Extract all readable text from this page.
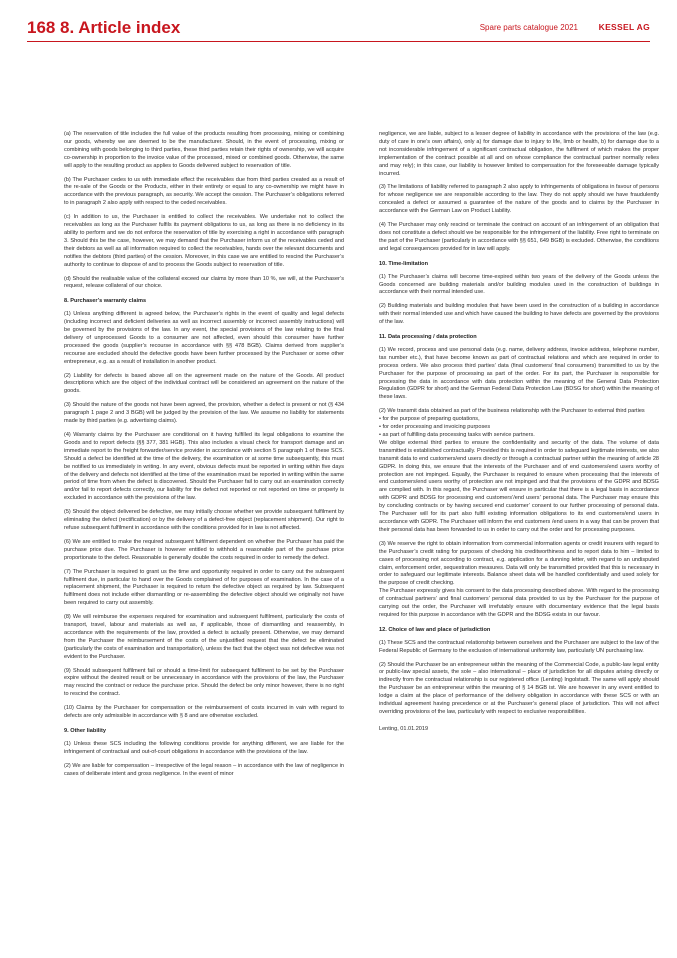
168 8. Article index	Spare parts catalogue 2021 KESSEL AG

(a) The reservation of title includes the full value of the products resulting from processing, mixing or combining our goods, whereby we are deemed to be the manufacturer. Should, in the event of processing, mixing or combining with goods belonging to third parties, these third parties retain their rights of ownership, we will acquire co-ownership in proportion to the invoice value of the processed, mixed or combined goods. Otherwise, the same will apply to the resulting product as applies to Goods delivered subject to reservation of title.

(b) The Purchaser cedes to us with immediate effect the receivables due from third parties created as a result of the re-sale of the Goods or the Products, either in their entirety or equal to any co-ownership we might have in accordance with the previous paragraph, as security. We accept the cession. The Purchaser’s obligations referred to in paragraph 2 also apply with respect to the ceded receivables.

(c) In addition to us, the Purchaser is entitled to collect the receivables. We undertake not to collect the receivables as long as the Purchaser fulfils its payment obligations to us, as long as there is no deficiency in its ability to perform and we do not enforce the reservation of title by exercising a right in accordance with paragraph 3. Should this be the case, however, we may demand that the Purchaser inform us of the receivables ceded and their debtors as well as all information required to collect the receivables, hands over the relevant documents and notifies the debtors (third parties) of the cession. Moreover, in this case we are entitled to rescind the Purchaser’s authority to continue to dispose of and to process the Goods subject to reservation of title.

(d) Should the realisable value of the collateral exceed our claims by more than 10 %, we will, at the Purchaser’s request, release collateral of our choice.

8. Purchaser’s warranty claims

(1) Unless anything different is agreed below, the Purchaser’s rights in the event of quality and legal defects (including incorrect and deficient deliveries as well as incorrect assembly or incorrect assembly instructions) will be governed by the provisions of the law. In any event, the special provisions of the law relating to the final delivery of unprocessed Goods to a consumer are not affected, even should this consumer have further processed the goods (supplier’s recourse in accordance with §§ 478 BGB). Claims derived from supplier’s recourse are excluded should the defective goods have been further processed by the Purchaser or some other entrepreneur, e.g. as a result of installation in another product.

(2) Liability for defects is based above all on the agreement made on the nature of the Goods. All product descriptions which are the object of the individual contract will be considered an agreement on the nature of the goods.

(3) Should the nature of the goods not have been agreed, the provision, whether a defect is present or not (§ 434 paragraph 1 page 2 and 3 BGB) will be judged by the provision of the law. We assume no liability for statements made by third parties (e.g. advertising claims).

(4) Warranty claims by the Purchaser are conditional on it having fulfilled its legal obligations to examine the Goods and to report defects (§§ 377, 381 HGB). This also includes a visual check for transport damage and an immediate report to the freight forwarder/service provider in accordance with section 5 paragraph 1 of these SCS. Should a defect be identified at the time of the delivery, the examination or at some time subsequently, this must be notified to us immediately in writing. In any event, obvious defects must be reported in writing within five days of the delivery and defects not identified at the time of the examination must be reported in writing within the same period of time from when the defect is discovered. Should the Purchaser fail to carry out an examination correctly and/or fail to report defects correctly, our liability for the defect not reported or not reported on time or properly is excluded in accordance with the provisions of the law.

(5) Should the object delivered be defective, we may initially choose whether we provide subsequent fulfilment by eliminating the defect (rectification) or by the delivery of a defect-free object (replacement shipment). Our right to refuse subsequent fulfilment in accordance with the conditions provided for in law is not affected.

(6) We are entitled to make the required subsequent fulfilment dependent on whether the Purchaser has paid the purchase price due. The Purchaser is however entitled to withhold a reasonable part of the purchase price proportionate to the defect. Reasonable is generally double the costs required in order to remedy the defect.

(7) The Purchaser is required to grant us the time and opportunity required in order to carry out the subsequent fulfilment due, in particular to hand over the Goods complained of for purposes of examination. In the case of a replacement shipment, the Purchaser is required to return the defective object as required by law. Subsequent fulfilment does not include either dismantling or re-assembling the defective object should we originally not have been required to carry out assembly.

(8) We will reimburse the expenses required for examination and subsequent fulfilment, particularly the costs of transport, travel, labour and materials as well as, if applicable, those of dismantling and reassembly, in accordance with the requirements of the law, provided a defect is actually present. Otherwise, we may demand from the Purchaser the reimbursement of the costs of the unjustified request that the defect be eliminated (particularly the costs of examination and transportation), unless the fact that the object was not defective was not evident to the Purchaser.

(9) Should subsequent fulfilment fail or should a time-limit for subsequent fulfilment to be set by the Purchaser expire without the desired result or be unnecessary in accordance with the provisions of the law, the Purchaser may rescind the contract or reduce the purchase price. Should the defect be only minor however, there is no right to rescind the contract.

(10) Claims by the Purchaser for compensation or the reimbursement of costs incurred in vain with regard to defects are only admissible in accordance with § 8 and are otherwise excluded.

9. Other liability

(1) Unless these SCS including the following conditions provide for anything different, we are liable for the infringement of contractual and out-of-court obligations in accordance with the provisions of the law.

(2) We are liable for compensation – irrespective of the legal reason – in accordance with the law of negligence in cases of deliberate intent and gross negligence. In the event of minor

negligence, we are liable, subject to a lesser degree of liability in accordance with the provisions of the law (e.g. duty of care in one’s own affairs), only a) for damage due to injury to life, limb or health, b) for damage due to a not inconsiderable infringement of a significant contractual obligation, the fulfilment of which makes the proper implementation of the contract possible at all and on whose compliance the contractual partner normally relies and may rely); in this case, our liability is however limited to compensation for the foreseeable damage typically incurred.

(3) The limitations of liability referred to paragraph 2 also apply to infringements of obligations in favour of persons for whose negligence we are responsible according to the law. They do not apply should we have fraudulently concealed a defect or assumed a guarantee of the nature of the goods and to claims by the Purchaser in accordance with the German Law on Product Liability.

(4) The Purchaser may only rescind or terminate the contract on account of an infringement of an obligation that does not constitute a defect should we be responsible for the infringement of the liability. Free right to terminate on the part of the Purchaser (particularly in accordance with §§ 651, 649 BGB) is excluded. Otherwise, the conditions and legal consequences provided for in law will apply.

10. Time-limitation

(1) The Purchaser’s claims will become time-expired within two years of the delivery of the Goods unless the Goods concerned are building materials and/or building modules used in the construction of buildings in accordance with their normal intended use.

(2) Building materials and building modules that have been used in the construction of a building in accordance with their normal intended use and which have caused the building to have defects are governed by the provisions of the law.

11. Data processing / data protection

(1) We record, process and use personal data (e.g. name, delivery address, invoice address, telephone number, tax number etc.), that have become known as part of contractual relations and which are required in order to process orders. We also process third parties’ data (final customers/ final consumers) transmitted to us by the Purchaser for the purpose of processing as part of the order. For its part, the Purchaser is responsible for processing the data in accordance with data protection within the meaning of the General Data Protection Regulation (GDPR for short) and the German Federal Data Protection Law (BDSG for short) within the meaning of these laws.

(2) We transmit data obtained as part of the business relationship with the Purchaser to external third parties
• for the purpose of preparing quotations,
• for order processing and invoicing purposes
• as part of fulfilling data processing tasks with service partners.
We oblige external third parties to ensure the confidentiality and security of the data. The volume of data transmitted is established contractually. Provided this is required in order to safeguard legitimate interests, we also transmit data to end customers/end users directly or through a contractual partner within the meaning of article 28 GDPR. In doing this, we ensure that the interests of the Purchaser and of end customers/end users worthy of protection are not impinged. Equally, the Purchaser is required to ensure when processing that the interests of end customers/end users worthy of protection are not impinged and that the provisions of the GDPR and BDSG are complied with. In this regard, the Purchaser will ensure in particular that there is a legal basis in accordance with GDPR and BDSG for processing end customers’/end users’ personal data. The Purchaser may ensure this by concluding contracts or by having secured end customer’ consent to our further processing of personal data. The Purchaser will for its part also fulfil existing information obligations to its end customers/end users in accordance with GDPR. The Purchaser will inform the end customers /end users in a way that can be proven that their personal data has been forwarded to us in order to carry out the order and for processing purposes.

(3) We reserve the right to obtain information from commercial information agents or credit insurers with regard to the Purchaser’s credit rating for purposes of checking his creditworthiness and to report data to him – limited to cases of processing not according to contract, e.g. application for a dunning letter, with regard to an undisputed claim, enforcement order, sequestration measures. Data will only be transmitted provided that this is necessary in order to safeguard our legitimate interests. Balance sheet data will be handled confidentially and used solely for the purpose of credit checking.
The Purchaser expressly gives his consent to the data processing described above. With regard to the processing of contractual partners’ and final customers’ personal data provided to us by the Purchaser for the purpose of carrying out the order, the Purchaser will irrefutably ensure with documentary evidence that the legal basis required for this purpose in accordance with the GDPR and the BDSG exists in our favour.

12. Choice of law and place of jurisdiction

(1) These SCS and the contractual relationship between ourselves and the Purchaser are subject to the law of the Federal Republic of Germany to the exclusion of international uniformity law, particularly UN purchasing law.

(2) Should the Purchaser be an entrepreneur within the meaning of the Commercial Code, a public-law legal entity or public-law special assets, the sole – also international – place of jurisdiction for all disputes arising directly or indirectly from the contractual relationship is our registered office (Lenting) Ingolstadt. The same will apply should the Purchaser be an entrepreneur within the meaning of § 14 BGB ist. We are however in any event entitled to lodge a claim at the place of performance of the delivery obligation in accordance with these SCS or with an individual agreement having precedence or at the Purchaser’s general place of jurisdiction. This will not affect overriding provisions of the law, particularly with respect to exclusive responsibilities.

Lenting, 01.01.2019
